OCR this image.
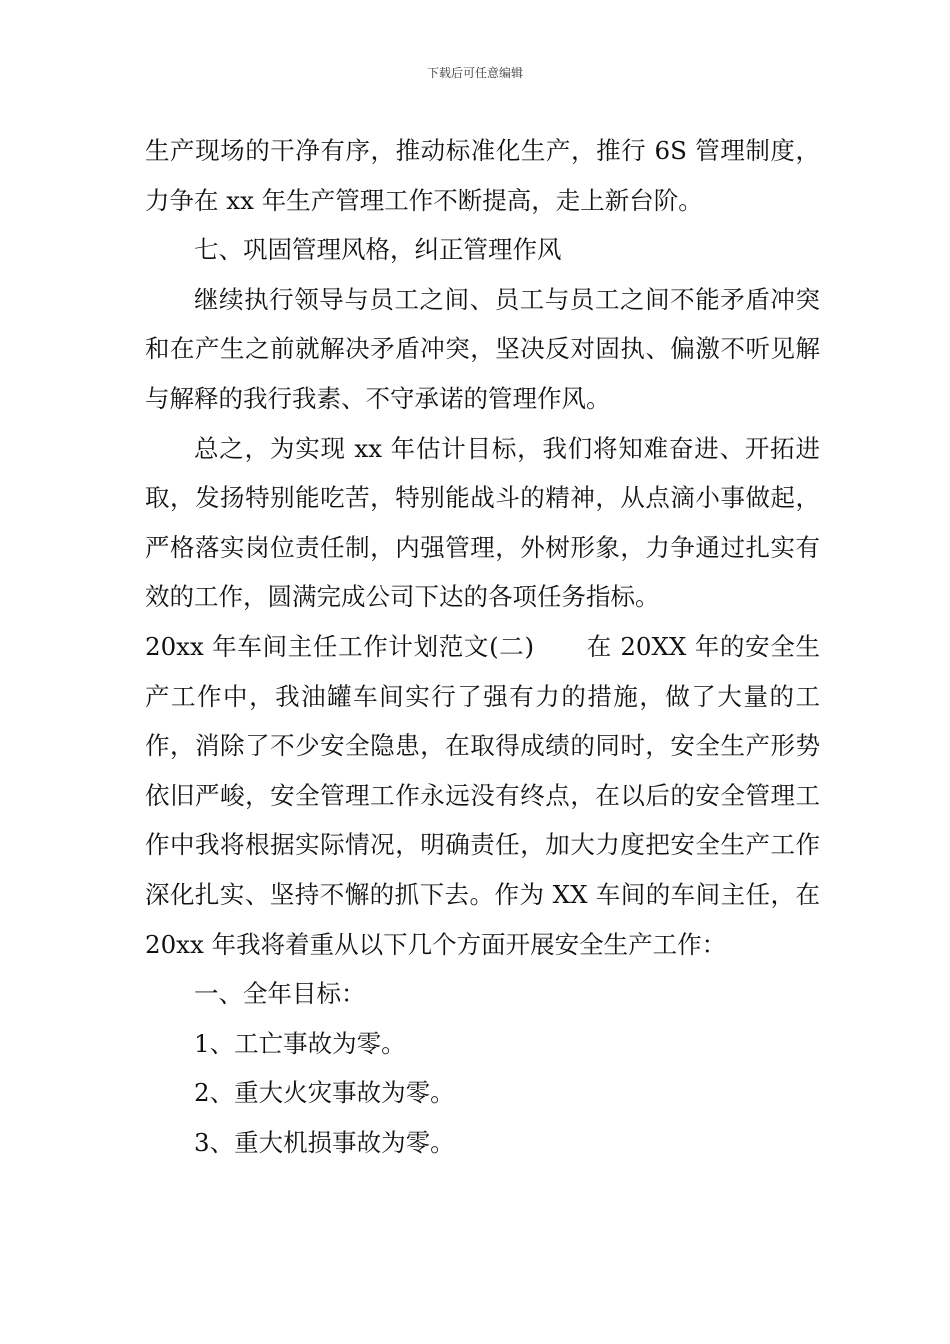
下载后可任意编辑

生产现场的干净有序，推动标准化生产，推行 6S 管理制度，力争在 xx 年生产管理工作不断提高，走上新台阶。

七、巩固管理风格，纠正管理作风

继续执行领导与员工之间、员工与员工之间不能矛盾冲突和在产生之前就解决矛盾冲突，坚决反对固执、偏激不听见解与解释的我行我素、不守承诺的管理作风。

总之，为实现 xx 年估计目标，我们将知难奋进、开拓进取，发扬特别能吃苦，特别能战斗的精神，从点滴小事做起，严格落实岗位责任制，内强管理，外树形象，力争通过扎实有效的工作，圆满完成公司下达的各项任务指标。

20xx 年车间主任工作计划范文(二) 在 20XX 年的安全生产工作中，我油罐车间实行了强有力的措施，做了大量的工作，消除了不少安全隐患，在取得成绩的同时，安全生产形势依旧严峻，安全管理工作永远没有终点，在以后的安全管理工作中我将根据实际情况，明确责任，加大力度把安全生产工作深化扎实、坚持不懈的抓下去。作为 XX 车间的车间主任，在 20xx 年我将着重从以下几个方面开展安全生产工作：

一、全年目标：

1、工亡事故为零。

2、重大火灾事故为零。

3、重大机损事故为零。
